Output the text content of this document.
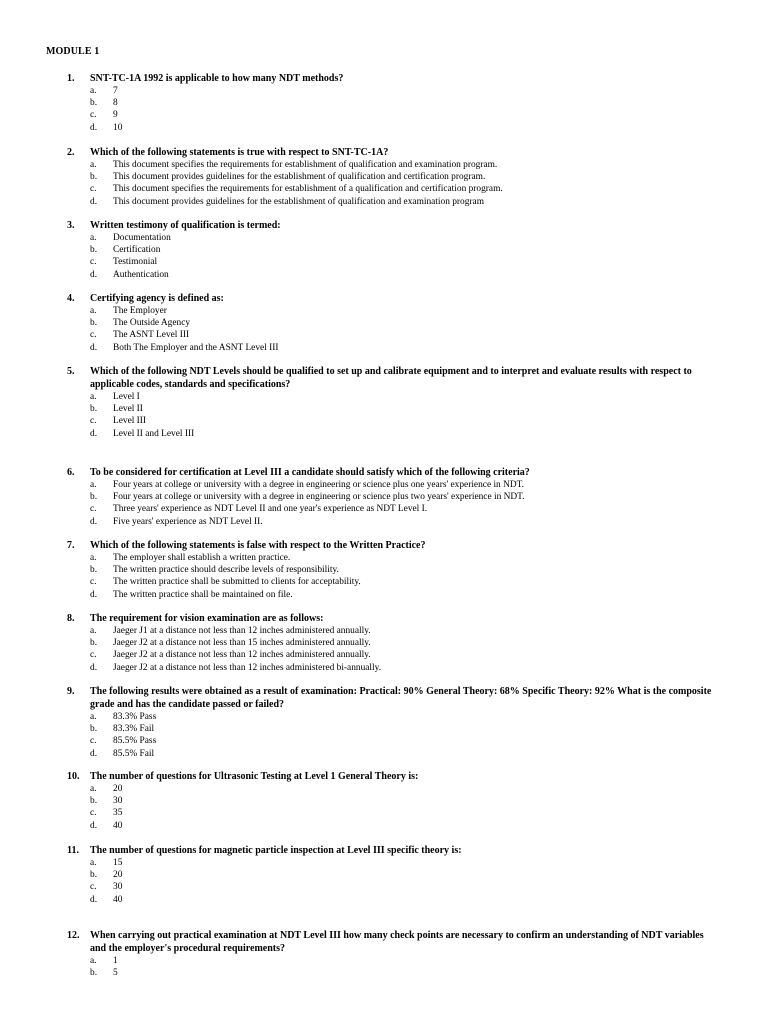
MODULE 1
1. SNT-TC-1A 1992 is applicable to how many NDT methods?
a. 7
b. 8
c. 9
d. 10
2. Which of the following statements is true with respect to SNT-TC-1A?
a. This document specifies the requirements for establishment of qualification and examination program.
b. This document provides guidelines for the establishment of qualification and certification program.
c. This document specifies the requirements for establishment of a qualification and certification program.
d. This document provides guidelines for the establishment of qualification and examination program
3. Written testimony of qualification is termed:
a. Documentation
b. Certification
c. Testimonial
d. Authentication
4. Certifying agency is defined as:
a. The Employer
b. The Outside Agency
c. The ASNT Level III
d. Both The Employer and the ASNT Level III
5. Which of the following NDT Levels should be qualified to set up and calibrate equipment and to interpret and evaluate results with respect to applicable codes, standards and specifications?
a. Level I
b. Level II
c. Level III
d. Level II and Level III
6. To be considered for certification at Level III a candidate should satisfy which of the following criteria?
a. Four years at college or university with a degree in engineering or science plus one years' experience in NDT.
b. Four years at college or university with a degree in engineering or science plus two years' experience in NDT.
c. Three years' experience as NDT Level II and one year's experience as NDT Level I.
d. Five years' experience as NDT Level II.
7. Which of the following statements is false with respect to the Written Practice?
a. The employer shall establish a written practice.
b. The written practice should describe levels of responsibility.
c. The written practice shall be submitted to clients for acceptability.
d. The written practice shall be maintained on file.
8. The requirement for vision examination are as follows:
a. Jaeger J1 at a distance not less than 12 inches administered annually.
b. Jaeger J2 at a distance not less than 15 inches administered annually.
c. Jaeger J2 at a distance not less than 12 inches administered annually.
d. Jaeger J2 at a distance not less than 12 inches administered bi-annually.
9. The following results were obtained as a result of examination: Practical: 90% General Theory: 68% Specific Theory: 92% What is the composite grade and has the candidate passed or failed?
a. 83.3% Pass
b. 83.3% Fail
c. 85.5% Pass
d. 85.5% Fail
10. The number of questions for Ultrasonic Testing at Level 1 General Theory is:
a. 20
b. 30
c. 35
d. 40
11. The number of questions for magnetic particle inspection at Level III specific theory is:
a. 15
b. 20
c. 30
d. 40
12. When carrying out practical examination at NDT Level III how many check points are necessary to confirm an understanding of NDT variables and the employer's procedural requirements?
a. 1
b. 5
